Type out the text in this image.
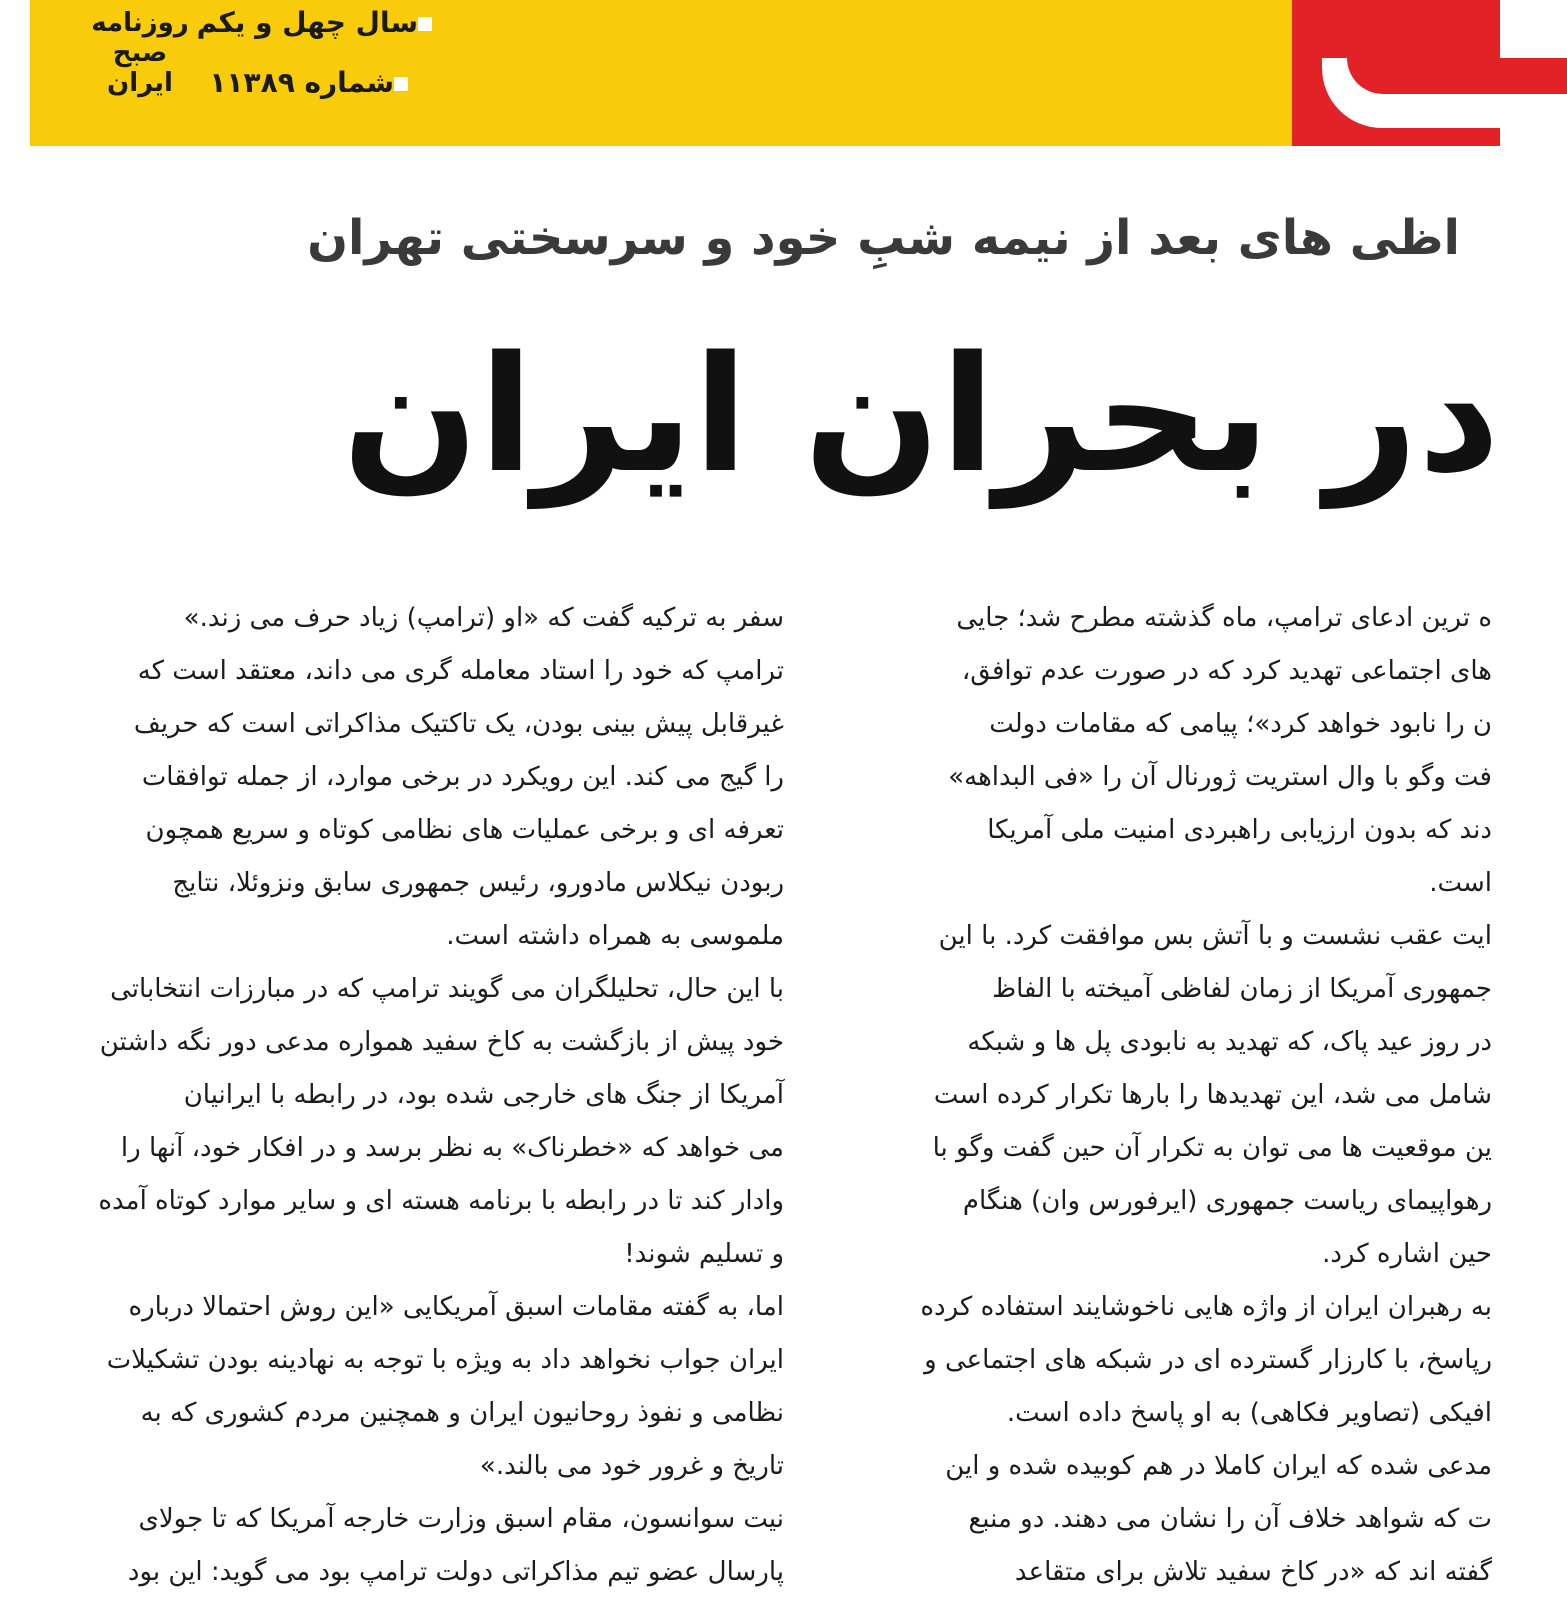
سال چهل و یکم
شماره ۱۱۳۸۹
روزنامه
صبح
ایران
اظی های بعد از نیمه شبِ خود و سرسختی تهران
در بحران ایران

ه ترین ادعای ترامپ، ماه گذشته مطرح شد؛ جایی

های اجتماعی تهدید کرد که در صورت عدم توافق،

ن را نابود خواهد کرد»؛ پیامی که مقامات دولت

فت وگو با وال استریت ژورنال آن را «فی البداهه»

دند که بدون ارزیابی راهبردی امنیت ملی آمریکا

است.

ایت عقب نشست و با آتش بس موافقت کرد. با این

جمهوری آمریکا از زمان لفاظی آمیخته با الفاظ

در روز عید پاک، که تهدید به نابودی پل ها و شبکه

شامل می شد، این تهدیدها را بارها تکرار کرده است

ین موقعیت ها می توان به تکرار آن حین گفت وگو با

رهواپیمای ریاست جمهوری (ایرفورس وان) هنگام

حین اشاره کرد.

به رهبران ایران از واژه هایی ناخوشایند استفاده کرده

رپاسخ، با کارزار گسترده ای در شبکه های اجتماعی و

افیکی (تصاویر فکاهی) به او پاسخ داده است.

مدعی شده که ایران کاملا در هم کوبیده شده و این

ت که شواهد خلاف آن را نشان می دهند. دو منبع

گفته اند که «در کاخ سفید تلاش برای متقاعد

سفر به ترکیه گفت که «او (ترامپ) زیاد حرف می زند.»

ترامپ که خود را استاد معامله گری می داند، معتقد است که

غیرقابل پیش بینی بودن، یک تاکتیک مذاکراتی است که حریف

را گیج می کند. این رویکرد در برخی موارد، از جمله توافقات

تعرفه ای و برخی عملیات های نظامی کوتاه و سریع همچون

ربودن نیکلاس مادورو، رئیس جمهوری سابق ونزوئلا، نتایج

ملموسی به همراه داشته است.

با این حال، تحلیلگران می گویند ترامپ که در مبارزات انتخاباتی

خود پیش از بازگشت به کاخ سفید همواره مدعی دور نگه داشتن

آمریکا از جنگ های خارجی شده بود، در رابطه با ایرانیان

می خواهد که «خطرناک» به نظر برسد و در افکار خود، آنها را

وادار کند تا در رابطه با برنامه هسته ای و سایر موارد کوتاه آمده

و تسلیم شوند!

اما، به گفته مقامات اسبق آمریکایی «این روش احتمالا درباره

ایران جواب نخواهد داد به ویژه با توجه به نهادینه بودن تشکیلات

نظامی و نفوذ روحانیون ایران و همچنین مردم کشوری که به

تاریخ و غرور خود می بالند.»

نیت سوانسون، مقام اسبق وزارت خارجه آمریکا که تا جولای

پارسال عضو تیم مذاکراتی دولت ترامپ بود می گوید: این بود
